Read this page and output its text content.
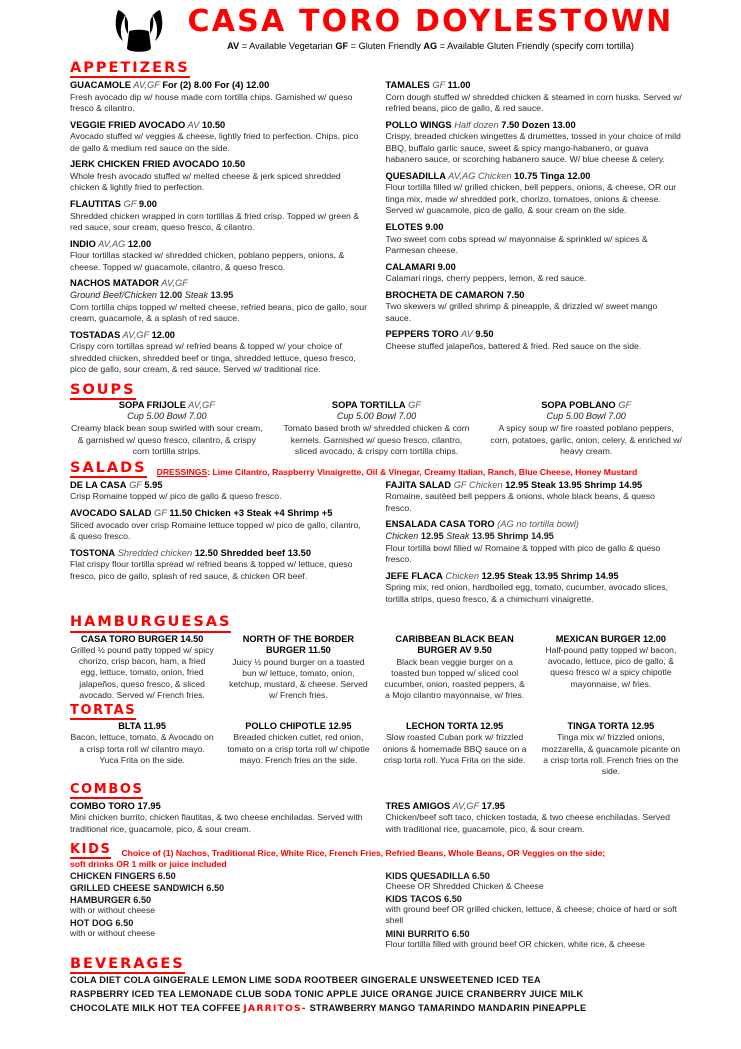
CASA TORO DOYLESTOWN
AV = Available Vegetarian GF = Gluten Friendly AG = Available Gluten Friendly (specify corn tortilla)
APPETIZERS
GUACAMOLE AV,GF For (2) 8.00 For (4) 12.00
Fresh avocado dip w/ house made corn tortilla chips. Garnished w/ queso fresco & cilantro.
VEGGIE FRIED AVOCADO AV 10.50
Avocado stuffed w/ veggies & cheese, lightly fried to perfection. Chips, pico de gallo & medium red sauce on the side.
JERK CHICKEN FRIED AVOCADO 10.50
Whole fresh avocado stuffed w/ melted cheese & jerk spiced shredded chicken & lightly fried to perfection.
FLAUTITAS GF 9.00
Shredded chicken wrapped in corn tortillas & fried crisp. Topped w/ green & red sauce, sour cream, queso fresco, & cilantro.
INDIO AV,AG 12.00
Flour tortillas stacked w/ shredded chicken, poblano peppers, onions, & cheese. Topped w/ guacamole, cilantro, & queso fresco.
NACHOS MATADOR AV,GF
Ground Beef/Chicken 12.00 Steak 13.95
Corn tortilla chips topped w/ melted cheese, refried beans, pico de gallo, sour cream, guacamole, & a splash of red sauce.
TOSTADAS AV,GF 12.00
Crispy corn tortillas spread w/ refried beans & topped w/ your choice of shredded chicken, shredded beef or tinga, shredded lettuce, queso fresco, pico de gallo, sour cream, & red sauce. Served w/ traditional rice.
TAMALES GF 11.00
Corn dough stuffed w/ shredded chicken & steamed in corn husks. Served w/ refried beans, pico de gallo, & red sauce.
POLLO WINGS Half dozen 7.50 Dozen 13.00
Crispy, breaded chicken wingettes & drumettes, tossed in your choice of mild BBQ, buffalo garlic sauce, sweet & spicy mango-habanero, or guava habanero sauce, or scorching habanero sauce. W/ blue cheese & celery.
QUESADILLA AV,AG Chicken 10.75 Tinga 12.00
Flour tortilla filled w/ grilled chicken, bell peppers, onions, & cheese, OR our tinga mix, made w/ shredded pork, chorizo, tomatoes, onions & cheese. Served w/ guacamole, pico de gallo, & sour cream on the side.
ELOTES 9.00
Two sweet corn cobs spread w/ mayonnaise & sprinkled w/ spices & Parmesan cheese.
CALAMARI 9.00
Calamari rings, cherry peppers, lemon, & red sauce.
BROCHETA DE CAMARON 7.50
Two skewers w/ grilled shrimp & pineapple, & drizzled w/ sweet mango sauce.
PEPPERS TORO AV 9.50
Cheese stuffed jalapeños, battered & fried. Red sauce on the side.
SOUPS
SOPA FRIJOLE AV,GF
Cup 5.00 Bowl 7.00
Creamy black bean soup swirled with sour cream, & garnished w/ queso fresco, cilantro, & crispy corn tortilla strips.
SOPA TORTILLA GF
Cup 5.00 Bowl 7.00
Tomato based broth w/ shredded chicken & corn kernels. Garnished w/ queso fresco, cilantro, sliced avocado, & crispy corn tortilla chips.
SOPA POBLANO GF
Cup 5.00 Bowl 7.00
A spicy soup w/ fire roasted poblano peppers, corn, potatoes, garlic, onion, celery, & enriched w/ heavy cream.
SALADS DRESSINGS: Lime Cilantro, Raspberry Vinaigrette, Oil & Vinegar, Creamy Italian, Ranch, Blue Cheese, Honey Mustard
DE LA CASA GF 5.95
Crisp Romaine topped w/ pico de gallo & queso fresco.
AVOCADO SALAD GF 11.50 Chicken +3 Steak +4 Shrimp +5
Sliced avocado over crisp Romaine lettuce topped w/ pico de gallo, cilantro, & queso fresco.
TOSTONA Shredded chicken 12.50 Shredded beef 13.50
Flat crispy flour tortilla spread w/ refried beans & topped w/ lettuce, queso fresco, pico de gallo, splash of red sauce, & chicken OR beef.
FAJITA SALAD GF Chicken 12.95 Steak 13.95 Shrimp 14.95
Romaine, sautéed bell peppers & onions, whole black beans, & queso fresco.
ENSALADA CASA TORO (AG no tortilla bowl)
Chicken 12.95 Steak 13.95 Shrimp 14.95
Flour tortilla bowl filled w/ Romaine & topped with pico de gallo & queso fresco.
JEFE FLACA Chicken 12.95 Steak 13.95 Shrimp 14.95
Spring mix, red onion, hardboiled egg, tomato, cucumber, avocado slices, tortilla strips, queso fresco, & a chimichurri vinaigrette.
HAMBURGUESAS
CASA TORO BURGER 14.50
Grilled ½ pound patty topped w/ spicy chorizo, crisp bacon, ham, a fried egg, lettuce, tomato, onion, fried jalapeños, queso fresco, & sliced avocado. Served w/ French fries.
NORTH OF THE BORDER BURGER 11.50
Juicy ½ pound burger on a toasted bun w/ lettuce, tomato, onion, ketchup, mustard, & cheese. Served w/ French fries.
CARIBBEAN BLACK BEAN BURGER AV 9.50
Black bean veggie burger on a toasted bun topped w/ sliced cool cucumber, onion, roasted peppers, & a Mojo cilantro mayonnaise, w/ fries.
MEXICAN BURGER 12.00
Half-pound patty topped w/ bacon, avocado, lettuce, pico de gallo, & queso fresco w/ a spicy chipotle mayonnaise, w/ fries.
TORTAS
BLTA 11.95
Bacon, lettuce, tomato, & Avocado on a crisp torta roll w/ cilantro mayo. Yuca Frita on the side.
POLLO CHIPOTLE 12.95
Breaded chicken cutlet, red onion, tomato on a crisp torta roll w/ chipotle mayo. French fries on the side.
LECHON TORTA 12.95
Slow roasted Cuban pork w/ frizzled onions & homemade BBQ sauce on a crisp torta roll. Yuca Frita on the side.
TINGA TORTA 12.95
Tinga mix w/ frizzled onions, mozzarella, & guacamole picante on a crisp torta roll. French fries on the side.
COMBOS
COMBO TORO 17.95
Mini chicken burrito, chicken flautitas, & two cheese enchiladas. Served with traditional rice, guacamole, pico, & sour cream.
TRES AMIGOS AV,GF 17.95
Chicken/beef soft taco, chicken tostada, & two cheese enchiladas. Served with traditional rice, guacamole, pico, & sour cream.
KIDS Choice of (1) Nachos, Traditional Rice, White Rice, French Fries, Refried Beans, Whole Beans, OR Veggies on the side;
soft drinks OR 1 milk or juice included
CHICKEN FINGERS 6.50
GRILLED CHEESE SANDWICH 6.50
HAMBURGER 6.50
with or without cheese
HOT DOG 6.50
with or without cheese
KIDS QUESADILLA 6.50
Cheese OR Shredded Chicken & Cheese
KIDS TACOS 6.50
with ground beef OR grilled chicken, lettuce, & cheese; choice of hard or soft shell
MINI BURRITO 6.50
Flour tortilla filled with ground beef OR chicken, white rice, & cheese
BEVERAGES
COLA DIET COLA GINGERALE LEMON LIME SODA ROOTBEER GINGERALE UNSWEETENED ICED TEA
RASPBERRY ICED TEA LEMONADE CLUB SODA TONIC APPLE JUICE ORANGE JUICE CRANBERRY JUICE MILK
CHOCOLATE MILK HOT TEA COFFEE JARRITOS- STRAWBERRY MANGO TAMARINDO MANDARIN PINEAPPLE
